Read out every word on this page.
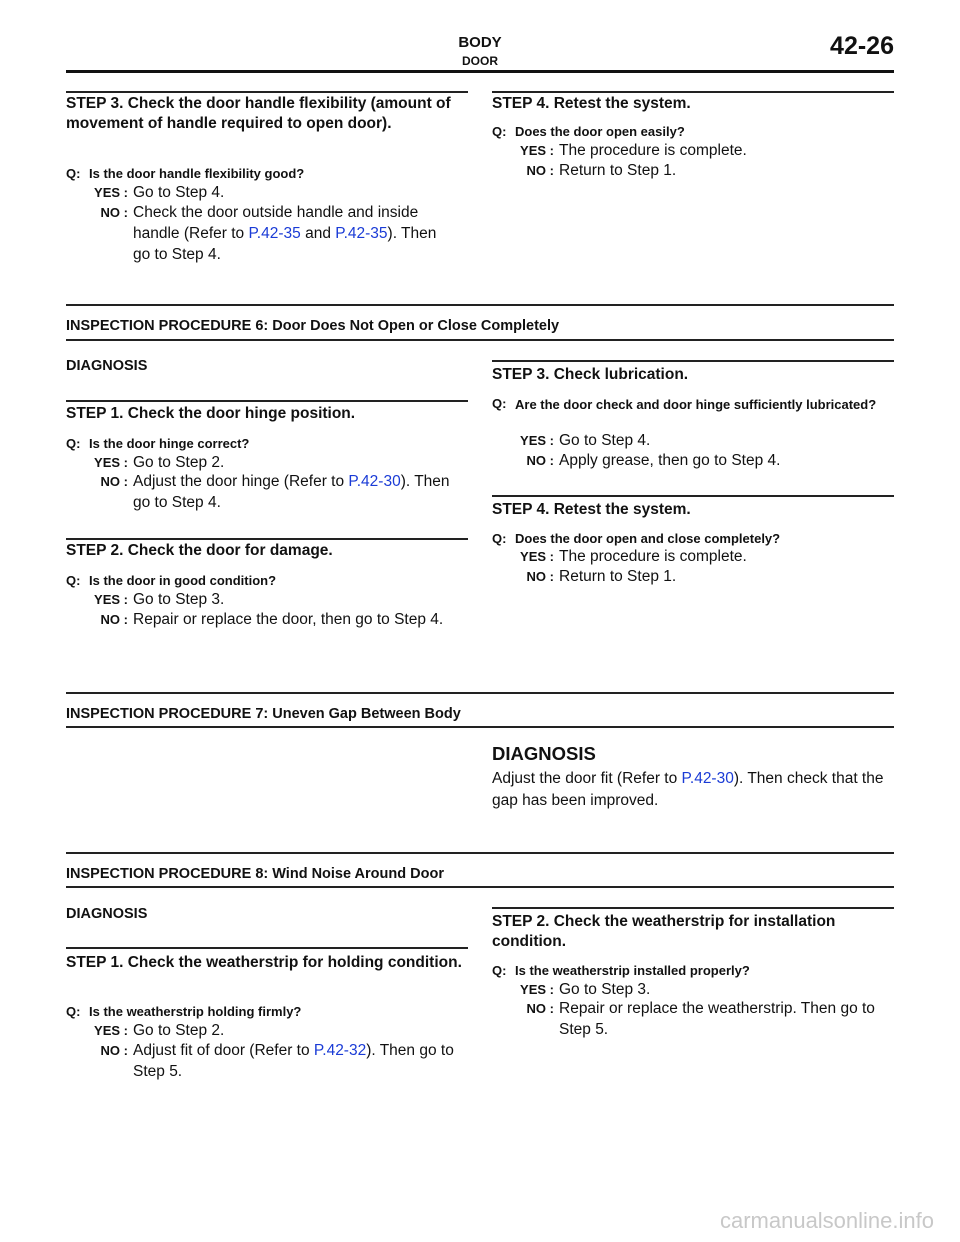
BODY
DOOR
42-26
STEP 3. Check the door handle flexibility (amount of movement of handle required to open door).
Q: Is the door handle flexibility good?
YES : Go to Step 4.
NO : Check the door outside handle and inside handle (Refer to P.42-35 and P.42-35). Then go to Step 4.
STEP 4. Retest the system.
Q: Does the door open easily?
YES : The procedure is complete.
NO : Return to Step 1.
INSPECTION PROCEDURE 6: Door Does Not Open or Close Completely
DIAGNOSIS
STEP 1. Check the door hinge position.
Q: Is the door hinge correct?
YES : Go to Step 2.
NO : Adjust the door hinge (Refer to P.42-30). Then go to Step 4.
STEP 2. Check the door for damage.
Q: Is the door in good condition?
YES : Go to Step 3.
NO : Repair or replace the door, then go to Step 4.
STEP 3. Check lubrication.
Q: Are the door check and door hinge sufficiently lubricated?
YES : Go to Step 4.
NO : Apply grease, then go to Step 4.
STEP 4. Retest the system.
Q: Does the door open and close completely?
YES : The procedure is complete.
NO : Return to Step 1.
INSPECTION PROCEDURE 7: Uneven Gap Between Body
DIAGNOSIS
Adjust the door fit (Refer to P.42-30). Then check that the gap has been improved.
INSPECTION PROCEDURE 8: Wind Noise Around Door
DIAGNOSIS
STEP 1. Check the weatherstrip for holding condition.
Q: Is the weatherstrip holding firmly?
YES : Go to Step 2.
NO : Adjust fit of door (Refer to P.42-32). Then go to Step 5.
STEP 2. Check the weatherstrip for installation condition.
Q: Is the weatherstrip installed properly?
YES : Go to Step 3.
NO : Repair or replace the weatherstrip. Then go to Step 5.
carmanualsonline.info
